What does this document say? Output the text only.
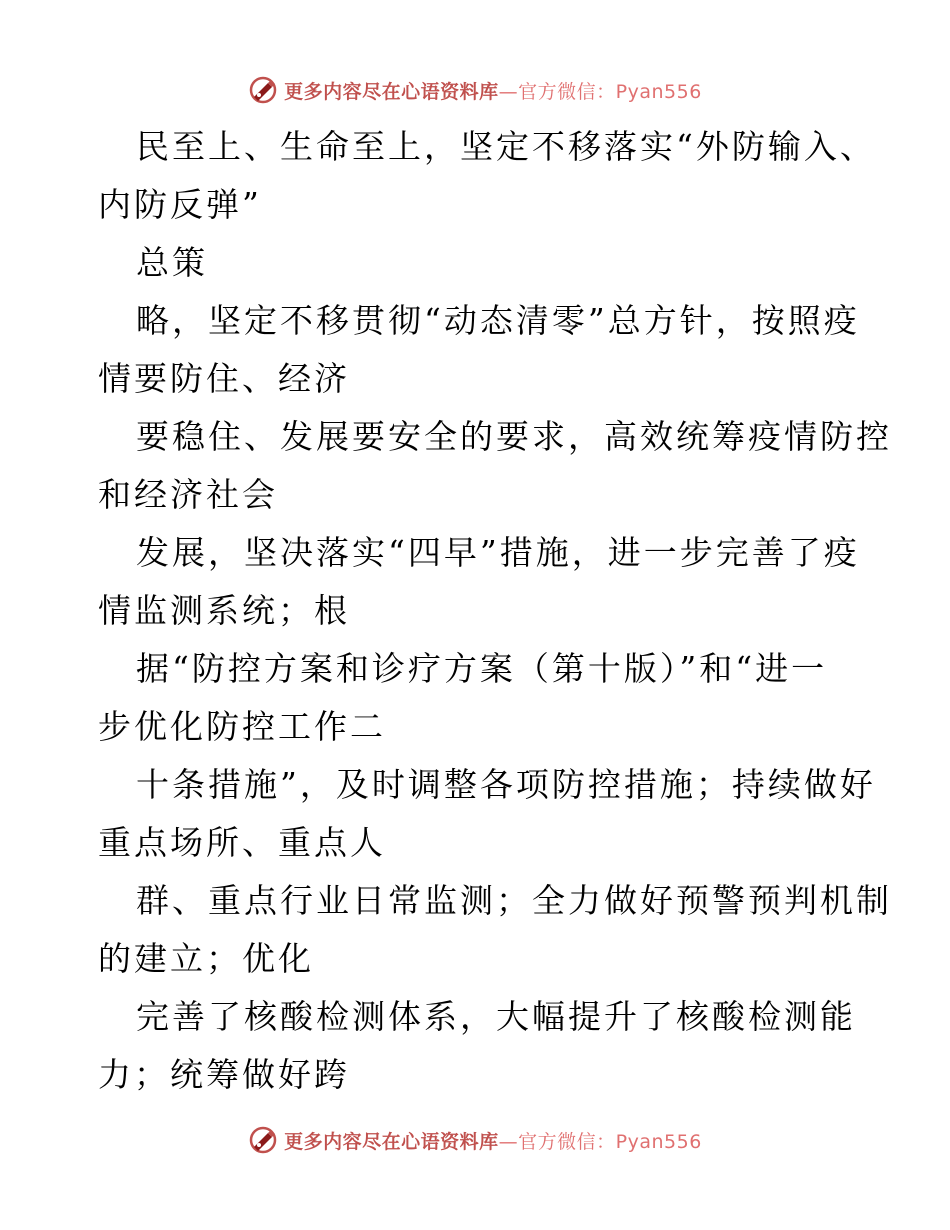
更多内容尽在心语资料库 —官方微信：Pyan556
民至上、生命至上，坚定不移落实“外防输入、
内防反弹”
总策
略，坚定不移贯彻“动态清零”总方针，按照疫
情要防住、经济
要稳住、发展要安全的要求，高效统筹疫情防控
和经济社会
发展，坚决落实“四早”措施，进一步完善了疫
情监测系统；根
据“防控方案和诊疗方案（第十版）”和“进一
步优化防控工作二
十条措施”，及时调整各项防控措施；持续做好
重点场所、重点人
群、重点行业日常监测；全力做好预警预判机制
的建立；优化
完善了核酸检测体系，大幅提升了核酸检测能
力；统筹做好跨
更多内容尽在心语资料库 —官方微信：Pyan556
